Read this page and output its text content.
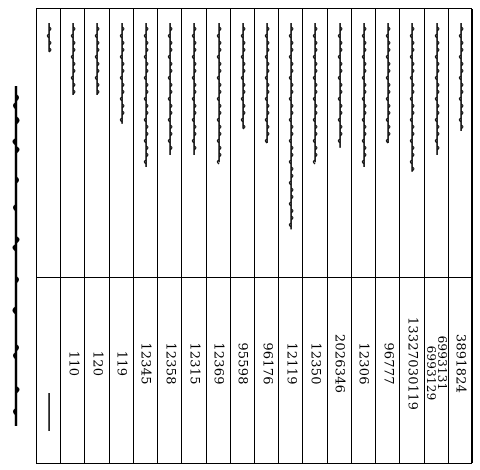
3891824
6993131
6993129
13327030119
96777
12306
2026346
12350
12119
96176
95598
12369
12315
12358
12345
119
120
110
